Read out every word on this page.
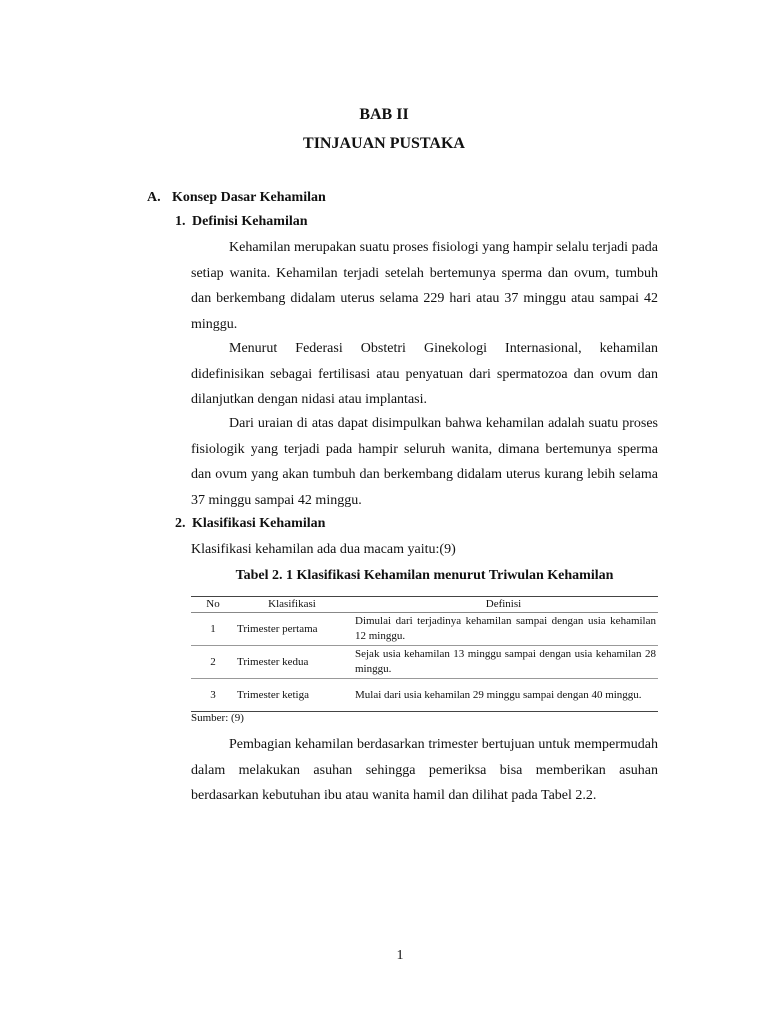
BAB II
TINJAUAN PUSTAKA
A. Konsep Dasar Kehamilan
1. Definisi Kehamilan

Kehamilan merupakan suatu proses fisiologi yang hampir selalu terjadi pada setiap wanita. Kehamilan terjadi setelah bertemunya sperma dan ovum, tumbuh dan berkembang didalam uterus selama 229 hari atau 37 minggu atau sampai 42 minggu.

Menurut Federasi Obstetri Ginekologi Internasional, kehamilan didefinisikan sebagai fertilisasi atau penyatuan dari spermatozoa dan ovum dan dilanjutkan dengan nidasi atau implantasi.

Dari uraian di atas dapat disimpulkan bahwa kehamilan adalah suatu proses fisiologik yang terjadi pada hampir seluruh wanita, dimana bertemunya sperma dan ovum yang akan tumbuh dan berkembang didalam uterus kurang lebih selama 37 minggu sampai 42 minggu.

2. Klasifikasi Kehamilan

Klasifikasi kehamilan ada dua macam yaitu:(9)

Tabel 2. 1 Klasifikasi Kehamilan menurut Triwulan Kehamilan
No	Klasifikasi	Definisi
1	Trimester pertama	Dimulai dari terjadinya kehamilan sampai dengan usia kehamilan 12 minggu.
2	Trimester kedua	Sejak usia kehamilan 13 minggu sampai dengan usia kehamilan 28 minggu.
3	Trimester ketiga	Mulai dari usia kehamilan 29 minggu sampai dengan 40 minggu.
Sumber: (9)

Pembagian kehamilan berdasarkan trimester bertujuan untuk mempermudah dalam melakukan asuhan sehingga pemeriksa bisa memberikan asuhan berdasarkan kebutuhan ibu atau wanita hamil dan dilihat pada Tabel 2.2.

1
